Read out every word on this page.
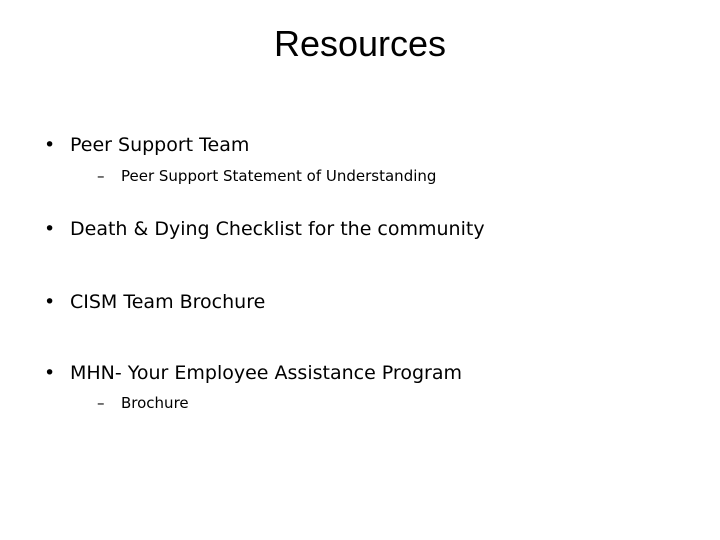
Resources
• Peer Support Team
– Peer Support Statement of Understanding
• Death & Dying Checklist for the community
• CISM Team Brochure
• MHN- Your Employee Assistance Program
– Brochure
